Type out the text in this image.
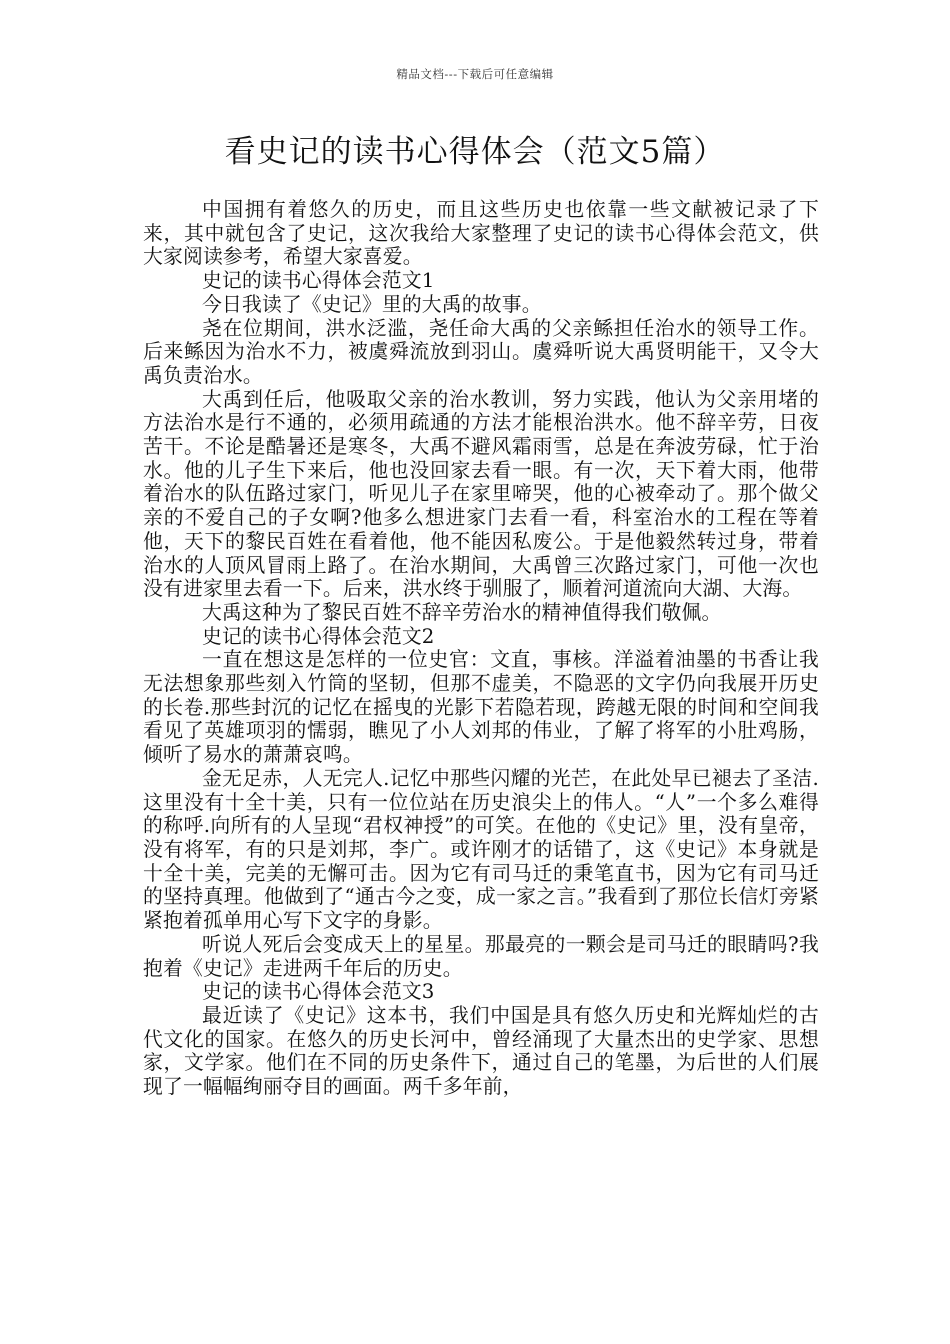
精品文档---下载后可任意编辑
看史记的读书心得体会（范文5篇）

中国拥有着悠久的历史，而且这些历史也依靠一些文献被记录了下来，其中就包含了史记，这次我给大家整理了史记的读书心得体会范文，供大家阅读参考，希望大家喜爱。

史记的读书心得体会范文1

今日我读了《史记》里的大禹的故事。

尧在位期间，洪水泛滥，尧任命大禹的父亲鲧担任治水的领导工作。后来鲧因为治水不力，被虞舜流放到羽山。虞舜听说大禹贤明能干，又令大禹负责治水。

大禹到任后，他吸取父亲的治水教训，努力实践，他认为父亲用堵的方法治水是行不通的，必须用疏通的方法才能根治洪水。他不辞辛劳，日夜苦干。不论是酷暑还是寒冬，大禹不避风霜雨雪，总是在奔波劳碌，忙于治水。他的儿子生下来后，他也没回家去看一眼。有一次，天下着大雨，他带着治水的队伍路过家门，听见儿子在家里啼哭，他的心被牵动了。那个做父亲的不爱自己的子女啊?他多么想进家门去看一看，科室治水的工程在等着他，天下的黎民百姓在看着他，他不能因私废公。于是他毅然转过身，带着治水的人顶风冒雨上路了。在治水期间，大禹曾三次路过家门，可他一次也没有进家里去看一下。后来，洪水终于驯服了，顺着河道流向大湖、大海。

大禹这种为了黎民百姓不辞辛劳治水的精神值得我们敬佩。

史记的读书心得体会范文2

一直在想这是怎样的一位史官：文直，事核。洋溢着油墨的书香让我无法想象那些刻入竹筒的坚韧，但那不虚美，不隐恶的文字仍向我展开历史的长卷.那些封沉的记忆在摇曳的光影下若隐若现，跨越无限的时间和空间我看见了英雄项羽的懦弱，瞧见了小人刘邦的伟业，了解了将军的小肚鸡肠，倾听了易水的萧萧哀鸣。

金无足赤，人无完人.记忆中那些闪耀的光芒，在此处早已褪去了圣洁.这里没有十全十美，只有一位位站在历史浪尖上的伟人。“人”一个多么难得的称呼.向所有的人呈现“君权神授”的可笑。在他的《史记》里，没有皇帝，没有将军，有的只是刘邦，李广。或许刚才的话错了，这《史记》本身就是十全十美，完美的无懈可击。因为它有司马迁的秉笔直书，因为它有司马迁的坚持真理。他做到了“通古今之变，成一家之言。”我看到了那位长信灯旁紧紧抱着孤单用心写下文字的身影。

听说人死后会变成天上的星星。那最亮的一颗会是司马迁的眼睛吗?我抱着《史记》走进两千年后的历史。

史记的读书心得体会范文3

最近读了《史记》这本书，我们中国是具有悠久历史和光辉灿烂的古代文化的国家。在悠久的历史长河中，曾经涌现了大量杰出的史学家、思想家，文学家。他们在不同的历史条件下，通过自己的笔墨，为后世的人们展现了一幅幅绚丽夺目的画面。两千多年前，
